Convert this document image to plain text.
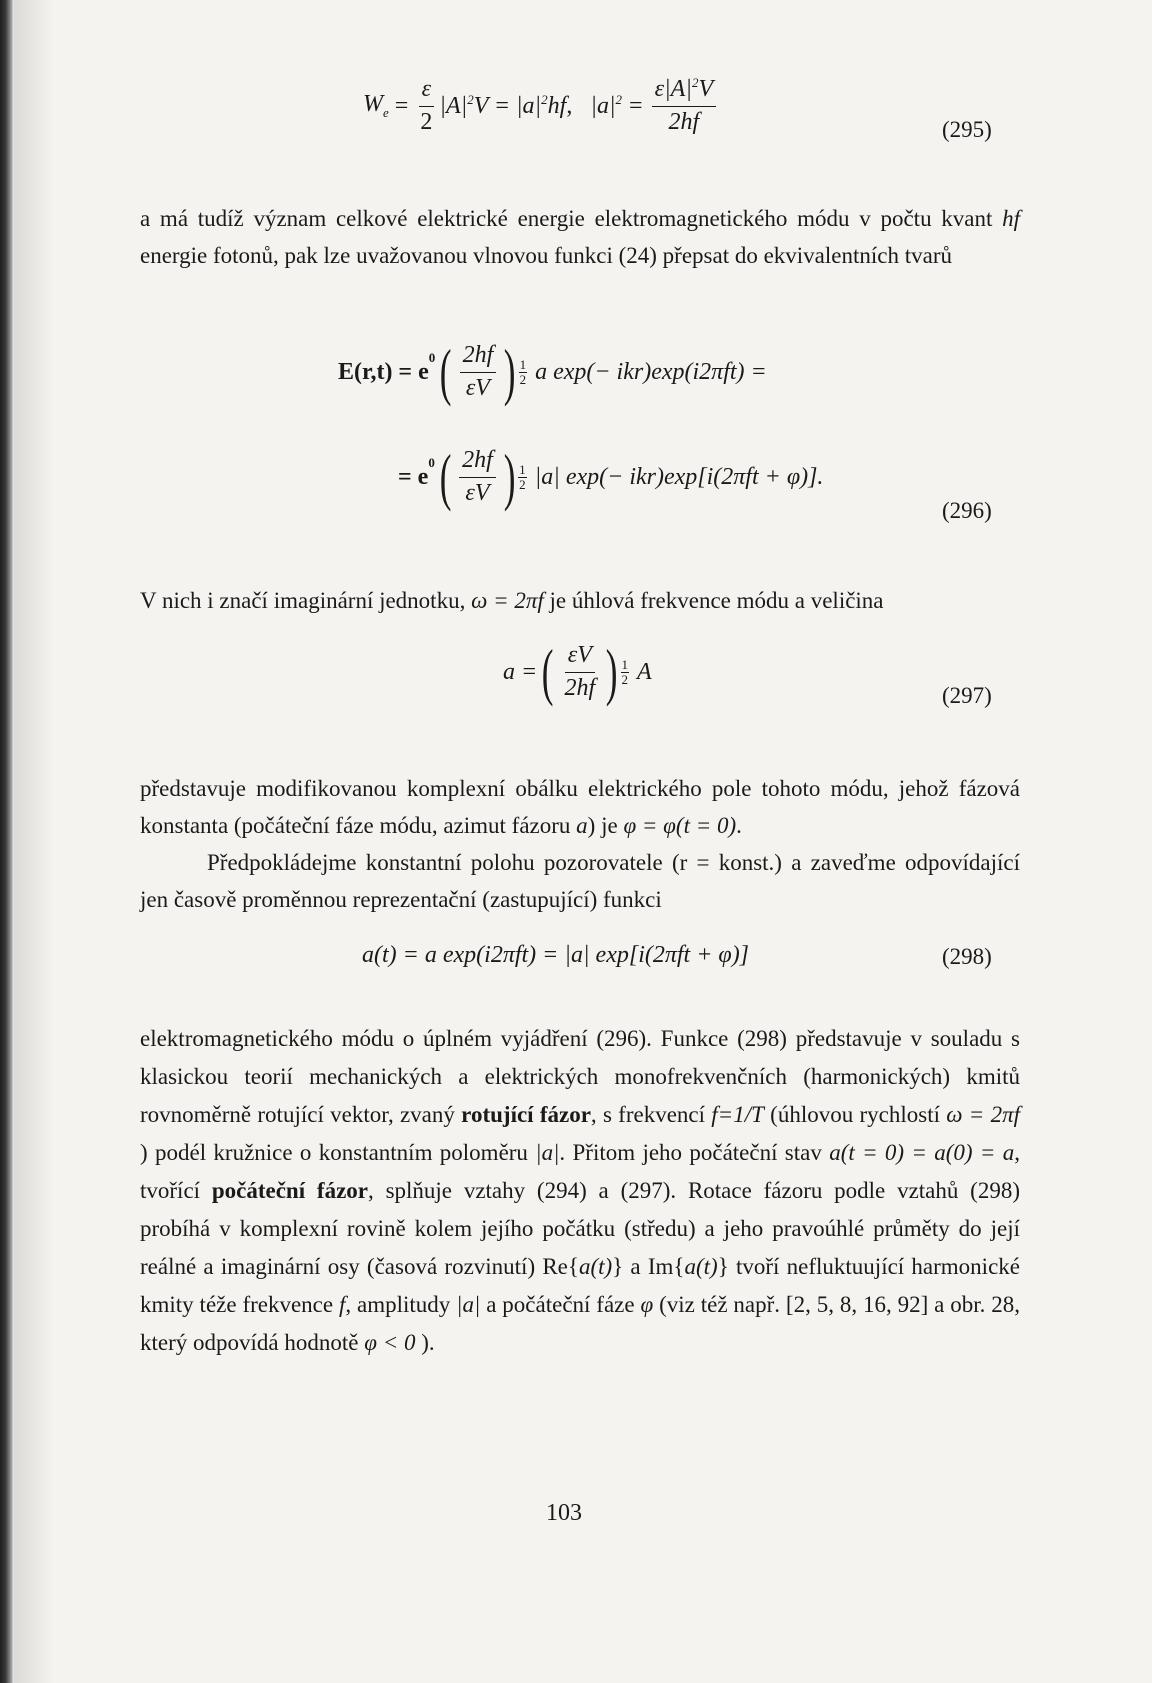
$W_e = \frac{\varepsilon}{2} |A|^2V = |a|^2hf$, $|a|^2 = \frac{\varepsilon|A|^2V}{2hf}$	(295)

a má tudíž význam celkové elektrické energie elektromagnetického módu v počtu kvant hf energie fotonů, pak lze uvažovanou vlnovou funkci (24) přepsat do ekvivalentních tvarů

E(r,t) = e
$^0$ ( $\frac{2hf}{\varepsilon V}$ ) $\frac{1}{2}$ a exp(− ikr)exp(i2πft) =
= e
$^0$ ( $\frac{2hf}{\varepsilon V}$ ) $\frac{1}{2} |a|$ exp(− ikr)exp[i(2πft + φ)].
(296)

V nich i značí imaginární jednotku, ω = 2πf je úhlová frekvence módu a veličina

a = ( $\frac{\varepsilon V}{2hf}$ ) $\frac{1}{2}$ A
(297)

představuje modifikovanou komplexní obálku elektrického pole tohoto módu, jehož fázová konstanta (počáteční fáze módu, azimut fázoru a) je φ = φ(t = 0).

Předpokládejme konstantní polohu pozorovatele (r = konst.) a zaveďme odpovídající jen časově proměnnou reprezentační (zastupující) funkci

a(t) = a exp(i2πft) = |a| exp[i(2πft + φ)]	(298)

elektromagnetického módu o úplném vyjádření (296). Funkce (298) představuje v souladu s klasickou teorií mechanických a elektrických monofrekvenčních (harmonických) kmitů rovnoměrně rotující vektor, zvaný rotující fázor, s frekvencí f=1/T (úhlovou rychlostí ω = 2πf ) podél kružnice o konstantním poloměru |a|. Přitom jeho počáteční stav a(t = 0) = a(0) = a, tvořící počáteční fázor, splňuje vztahy (294) a (297). Rotace fázoru podle vztahů (298) probíhá v komplexní rovině kolem jejího počátku (středu) a jeho pravoúhlé průměty do její reálné a imaginární osy (časová rozvinutí) Re{a(t)} a Im{a(t)} tvoří nefluktuující harmonické kmity téže frekvence f, amplitudy |a| a počáteční fáze φ (viz též např. [2, 5, 8, 16, 92] a obr. 28, který odpovídá hodnotě φ < 0 ).

103
